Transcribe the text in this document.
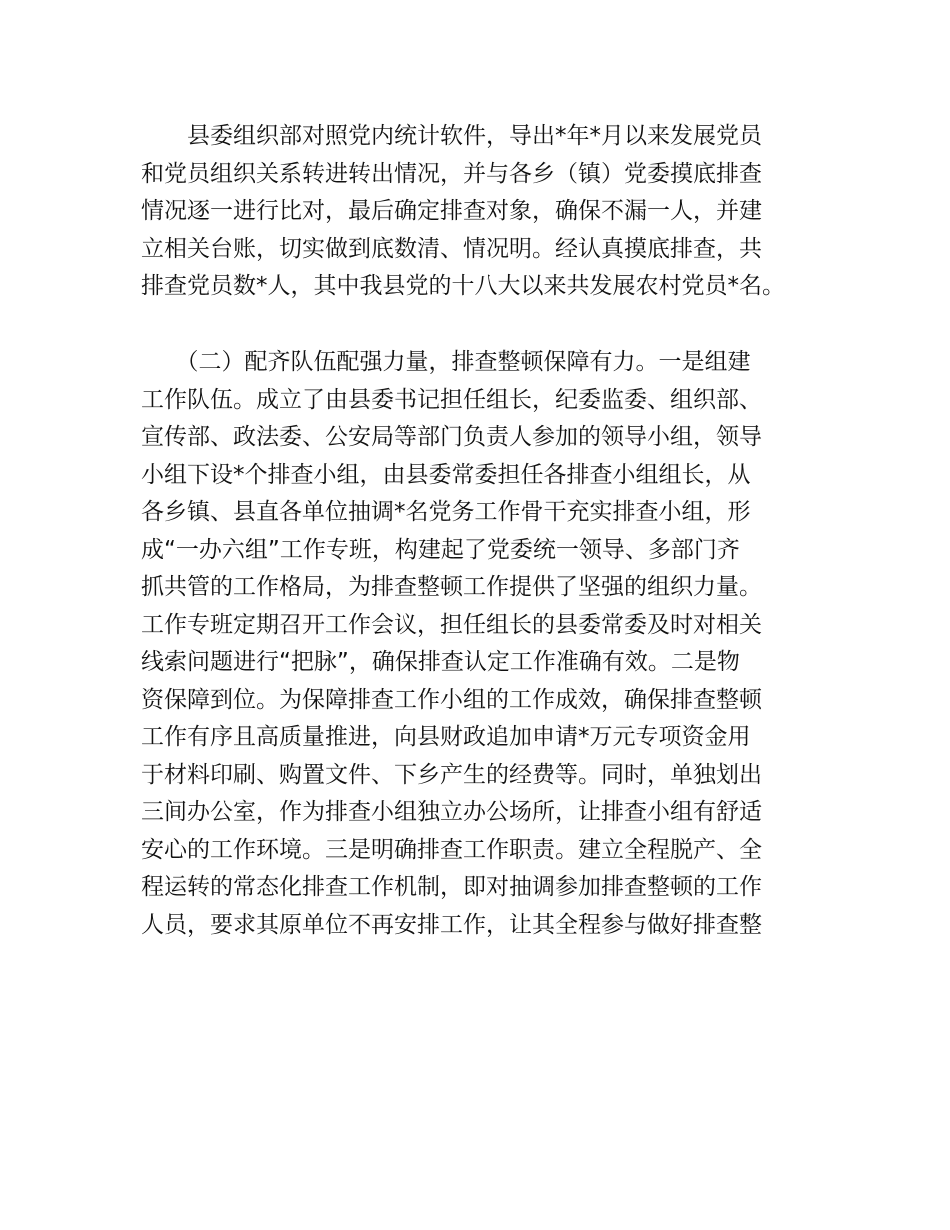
　　县委组织部对照党内统计软件，导出*年*月以来发展党员
和党员组织关系转进转出情况，并与各乡（镇）党委摸底排查
情况逐一进行比对，最后确定排查对象，确保不漏一人，并建
立相关台账，切实做到底数清、情况明。经认真摸底排查，共
排查党员数*人，其中我县党的十八大以来共发展农村党员*名。
　　（二）配齐队伍配强力量，排查整顿保障有力。一是组建
工作队伍。成立了由县委书记担任组长，纪委监委、组织部、
宣传部、政法委、公安局等部门负责人参加的领导小组，领导
小组下设*个排查小组，由县委常委担任各排查小组组长，从
各乡镇、县直各单位抽调*名党务工作骨干充实排查小组，形
成“一办六组”工作专班，构建起了党委统一领导、多部门齐
抓共管的工作格局，为排查整顿工作提供了坚强的组织力量。
工作专班定期召开工作会议，担任组长的县委常委及时对相关
线索问题进行“把脉”，确保排查认定工作准确有效。二是物
资保障到位。为保障排查工作小组的工作成效，确保排查整顿
工作有序且高质量推进，向县财政追加申请*万元专项资金用
于材料印刷、购置文件、下乡产生的经费等。同时，单独划出
三间办公室，作为排查小组独立办公场所，让排查小组有舒适
安心的工作环境。三是明确排查工作职责。建立全程脱产、全
程运转的常态化排查工作机制，即对抽调参加排查整顿的工作
人员，要求其原单位不再安排工作，让其全程参与做好排查整
